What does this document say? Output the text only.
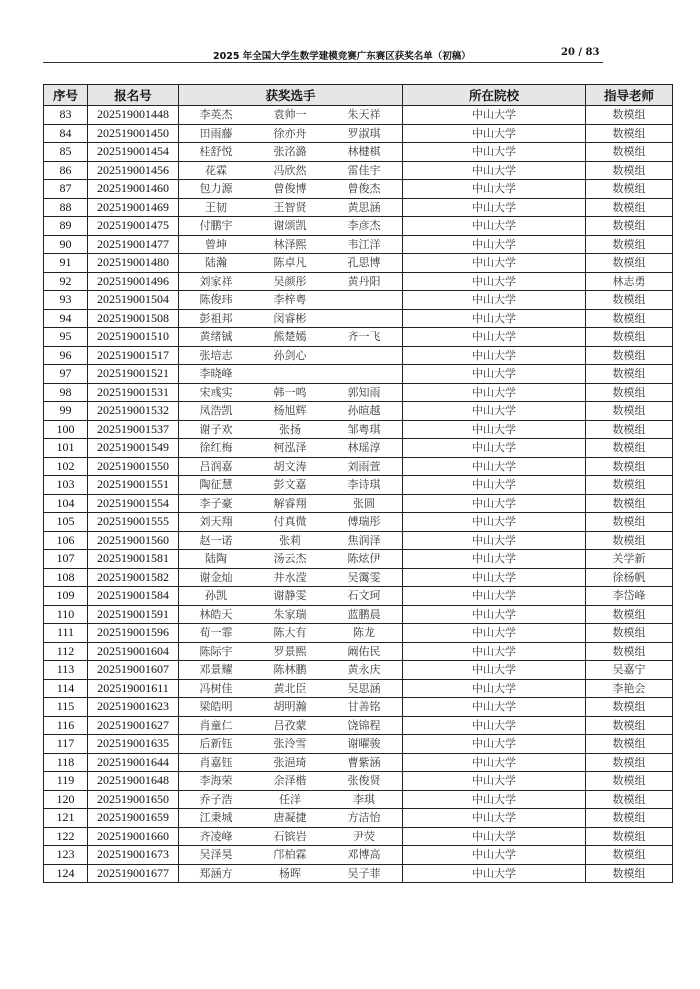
2025 年全国大学生数学建模竞赛广东赛区获奖名单（初稿）	20 / 83
序号	报名号	获奖选手	所在院校	指导老师
83	202519001448	李英杰 袁帅一 朱天祥	中山大学	数模组
84	202519001450	田雨藤 徐亦舟 罗淑琪	中山大学	数模组
85	202519001454	桂舒悦 张洺潞 林楗棋	中山大学	数模组
86	202519001456	花霖 冯欣然 雷佳宇	中山大学	数模组
87	202519001460	包力源 曾俊博 曾俊杰	中山大学	数模组
88	202519001469	王韧 王智贤 黄思涵	中山大学	数模组
89	202519001475	付鹏宇 谢颂凯 李彦杰	中山大学	数模组
90	202519001477	曾坤 林泽熙 韦江洋	中山大学	数模组
91	202519001480	陆瀚 陈卓凡 孔思博	中山大学	数模组
92	202519001496	刘家祥 吴颜彤 黄丹阳	中山大学	林志勇
93	202519001504	陈俊玮 李梓粤	中山大学	数模组
94	202519001508	彭祖邦 闵睿彬	中山大学	数模组
95	202519001510	黄绪铖 熊楚嫣 齐一飞	中山大学	数模组
96	202519001517	张培志 孙剑心	中山大学	数模组
97	202519001521	李晓峰	中山大学	数模组
98	202519001531	宋彧实 韩一鸣 郭知雨	中山大学	数模组
99	202519001532	凤浩凯 杨旭辉 孙暄越	中山大学	数模组
100	202519001537	谢子欢 张扬 邹粤琪	中山大学	数模组
101	202519001549	徐红梅 柯泓泽 林瑶淳	中山大学	数模组
102	202519001550	吕润嘉 胡文涛 刘雨萱	中山大学	数模组
103	202519001551	陶征慧 彭文嘉 李诗琪	中山大学	数模组
104	202519001554	李子豪 解睿翔 张圆	中山大学	数模组
105	202519001555	刘天翔 付真微 傅瑞彤	中山大学	数模组
106	202519001560	赵一诺 张莉 焦润泽	中山大学	数模组
107	202519001581	陆陶 汤云杰 陈炫伊	中山大学	关学新
108	202519001582	谢金灿 井水滢 吴霭雯	中山大学	徐杨帆
109	202519001584	孙凯 谢静雯 石文珂	中山大学	李岱峰
110	202519001591	林皓天 朱家瑞 蓝鹏晨	中山大学	数模组
111	202519001596	荀一霏 陈大有 陈龙	中山大学	数模组
112	202519001604	陈际宇 罗景熙 阚佑民	中山大学	数模组
113	202519001607	邓景耀 陈林鹏 黄永庆	中山大学	吴嘉宁
114	202519001611	冯树佳 黄北臣 吴思涵	中山大学	李艳会
115	202519001623	梁皓明 胡明瀚 甘善铭	中山大学	数模组
116	202519001627	肖童仁 吕孜蒙 饶锦程	中山大学	数模组
117	202519001635	后新钰 张泠雪 谢曜骏	中山大学	数模组
118	202519001644	肖嘉钰 张浥琦 曹紫涵	中山大学	数模组
119	202519001648	李海荣 余泽楷 张俊贤	中山大学	数模组
120	202519001650	乔子浩 任洋 李琪	中山大学	数模组
121	202519001659	江秉城 唐凝捷 方洁怡	中山大学	数模组
122	202519001660	齐凌峰 石镔岩 尹荧	中山大学	数模组
123	202519001673	吴泽昊 邝柏霖 邓博高	中山大学	数模组
124	202519001677	郑涵方 杨晖 吴子菲	中山大学	数模组
